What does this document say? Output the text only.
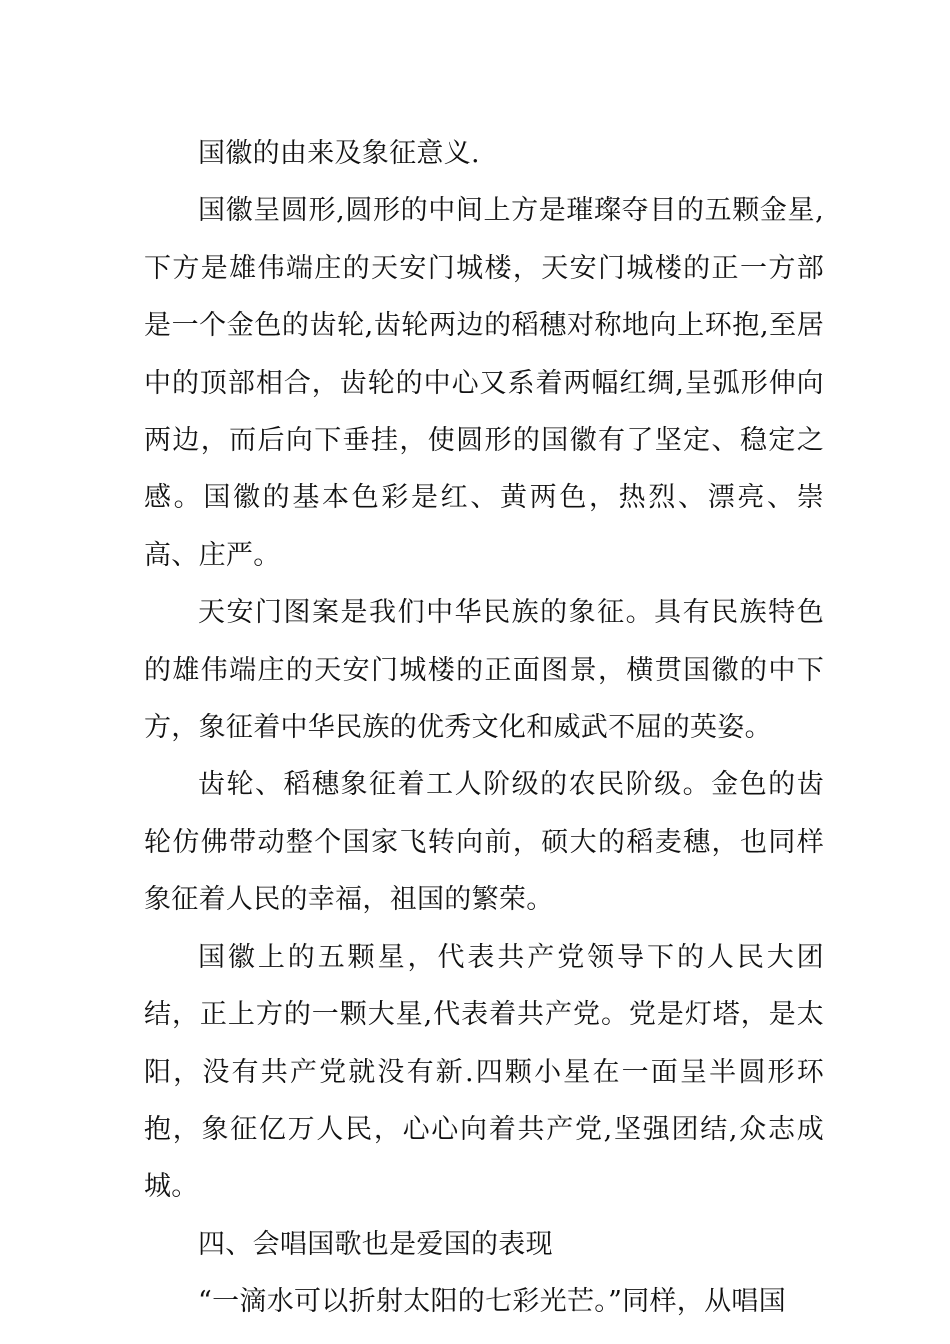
国徽的由来及象征意义.

国徽呈圆形,圆形的中间上方是璀璨夺目的五颗金星,下方是雄伟端庄的天安门城楼，天安门城楼的正一方部是一个金色的齿轮,齿轮两边的稻穗对称地向上环抱,至居中的顶部相合，齿轮的中心又系着两幅红绸,呈弧形伸向两边，而后向下垂挂，使圆形的国徽有了坚定、稳定之感。国徽的基本色彩是红、黄两色，热烈、漂亮、崇高、庄严。

天安门图案是我们中华民族的象征。具有民族特色的雄伟端庄的天安门城楼的正面图景，横贯国徽的中下方，象征着中华民族的优秀文化和威武不屈的英姿。

齿轮、稻穗象征着工人阶级的农民阶级。金色的齿轮仿佛带动整个国家飞转向前，硕大的稻麦穗，也同样象征着人民的幸福，祖国的繁荣。

国徽上的五颗星，代表共产党领导下的人民大团结，正上方的一颗大星,代表着共产党。党是灯塔，是太阳，没有共产党就没有新.四颗小星在一面呈半圆形环抱，象征亿万人民，心心向着共产党,坚强团结,众志成城。

四、会唱国歌也是爱国的表现

“一滴水可以折射太阳的七彩光芒。”同样，从唱国
